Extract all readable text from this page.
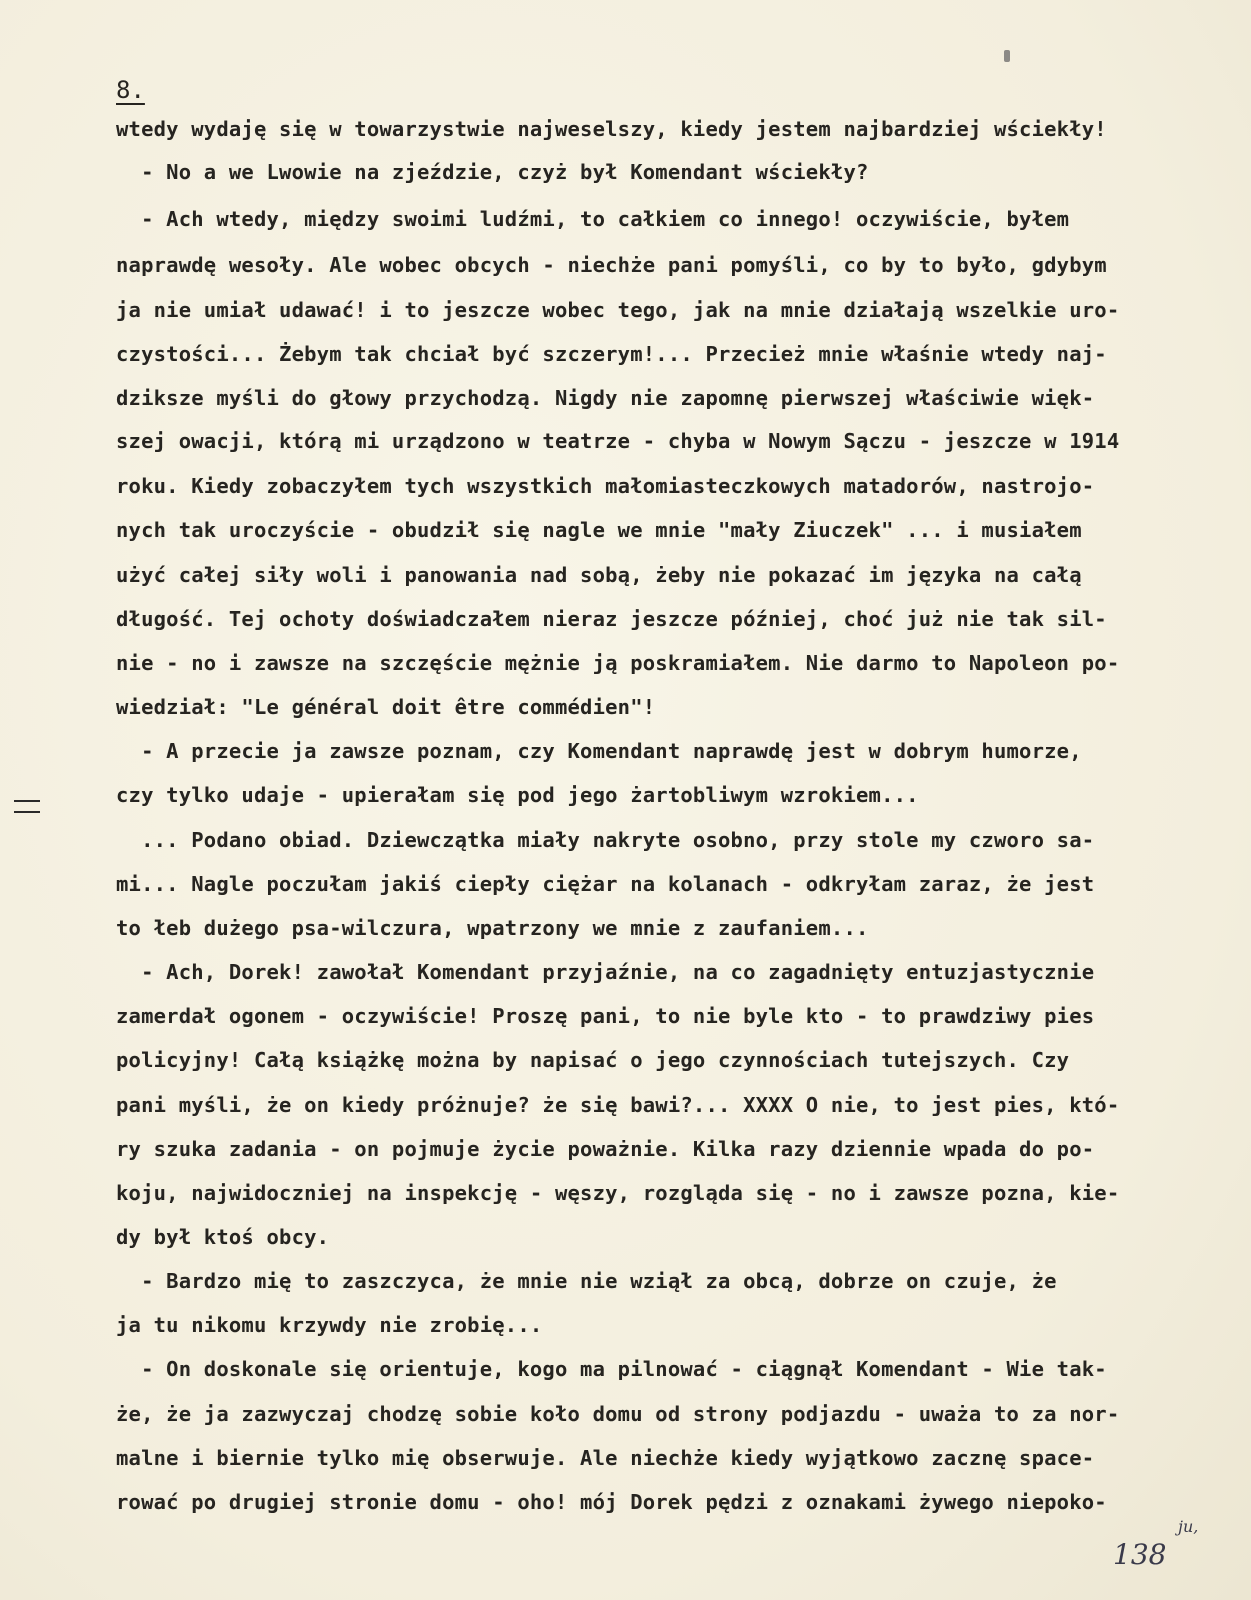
8.
wtedy wydaję się w towarzystwie najweselszy, kiedy jestem najbardziej wściekły!
- No a we Lwowie na zjeździe, czyż był Komendant wściekły?
- Ach wtedy, między swoimi ludźmi, to całkiem co innego! oczywiście, byłem
naprawdę wesoły. Ale wobec obcych - niechże pani pomyśli, co by to było, gdybym
ja nie umiał udawać! i to jeszcze wobec tego, jak na mnie działają wszelkie uro-
czystości... Żebym tak chciał być szczerym!... Przecież mnie właśnie wtedy naj-
dziksze myśli do głowy przychodzą. Nigdy nie zapomnę pierwszej właściwie więk-
szej owacji, którą mi urządzono w teatrze - chyba w Nowym Sączu - jeszcze w 1914
roku. Kiedy zobaczyłem tych wszystkich małomiasteczkowych matadorów, nastrojo-
nych tak uroczyście - obudził się nagle we mnie "mały Ziuczek" ... i musiałem
użyć całej siły woli i panowania nad sobą, żeby nie pokazać im języka na całą
długość. Tej ochoty doświadczałem nieraz jeszcze później, choć już nie tak sil-
nie - no i zawsze na szczęście mężnie ją poskramiałem. Nie darmo to Napoleon po-
wiedział: "Le général doit être commédien"!
- A przecie ja zawsze poznam, czy Komendant naprawdę jest w dobrym humorze,
czy tylko udaje - upierałam się pod jego żartobliwym wzrokiem...
... Podano obiad. Dziewczątka miały nakryte osobno, przy stole my czworo sa-
mi... Nagle poczułam jakiś ciepły ciężar na kolanach - odkryłam zaraz, że jest
to łeb dużego psa-wilczura, wpatrzony we mnie z zaufaniem...
- Ach, Dorek! zawołał Komendant przyjaźnie, na co zagadnięty entuzjastycznie
zamerdał ogonem - oczywiście! Proszę pani, to nie byle kto - to prawdziwy pies
policyjny! Całą książkę można by napisać o jego czynnościach tutejszych. Czy
pani myśli, że on kiedy próżnuje? że się bawi?... XXXX O nie, to jest pies, któ-
ry szuka zadania - on pojmuje życie poważnie. Kilka razy dziennie wpada do po-
koju, najwidoczniej na inspekcję - węszy, rozgląda się - no i zawsze pozna, kie-
dy był ktoś obcy.
- Bardzo mię to zaszczyca, że mnie nie wziął za obcą, dobrze on czuje, że
ja tu nikomu krzywdy nie zrobię...
- On doskonale się orientuje, kogo ma pilnować - ciągnął Komendant - Wie tak-
że, że ja zazwyczaj chodzę sobie koło domu od strony podjazdu - uważa to za nor-
malne i biernie tylko mię obserwuje. Ale niechże kiedy wyjątkowo zacznę space-
rować po drugiej stronie domu - oho! mój Dorek pędzi z oznakami żywego niepoko-
ju,
138
